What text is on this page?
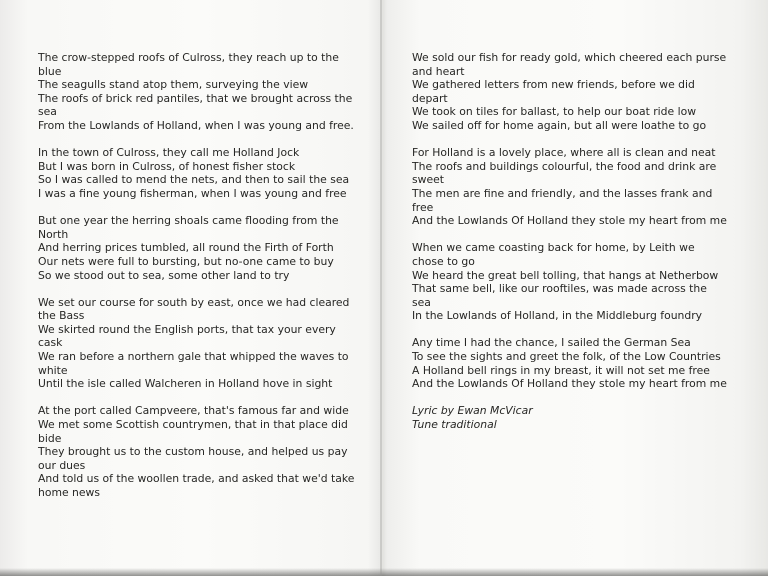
The crow-stepped roofs of Culross, they reach up to the blue
The seagulls stand atop them, surveying the view
The roofs of brick red pantiles, that we brought across the sea
From the Lowlands of Holland, when I was young and free.
In the town of Culross, they call me Holland Jock
But I was born in Culross, of honest fisher stock
So I was called to mend the nets, and then to sail the sea
I was a fine young fisherman, when I was young and free
But one year the herring shoals came flooding from the North
And herring prices tumbled, all round the Firth of Forth
Our nets were full to bursting, but no-one came to buy
So we stood out to sea, some other land to try
We set our course for south by east, once we had cleared the Bass
We skirted round the English ports, that tax your every cask
We ran before a northern gale that whipped the waves to white
Until the isle called Walcheren in Holland hove in sight
At the port called Campveere, that's famous far and wide
We met some Scottish countrymen, that in that place did bide
They brought us to the custom house, and helped us pay our dues
And told us of the woollen trade, and asked that we'd take home news
We sold our fish for ready gold, which cheered each purse and heart
We gathered letters from new friends, before we did depart
We took on tiles for ballast, to help our boat ride low
We sailed off for home again, but all were loathe to go
For Holland is a lovely place, where all is clean and neat
The roofs and buildings colourful, the food and drink are sweet
The men are fine and friendly, and the lasses frank and free
And the Lowlands Of Holland they stole my heart from me
When we came coasting back for home, by Leith we chose to go
We heard the great bell tolling, that hangs at Netherbow
That same bell, like our rooftiles, was made across the sea
In the Lowlands of Holland, in the Middleburg foundry
Any time I had the chance, I sailed the German Sea
To see the sights and greet the folk, of the Low Countries
A Holland bell rings in my breast, it will not set me free
And the Lowlands Of Holland they stole my heart from me
Lyric by Ewan McVicar
Tune traditional
